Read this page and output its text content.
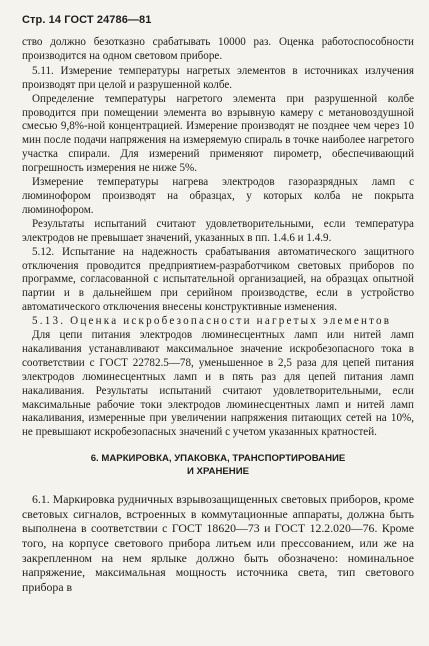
Стр. 14 ГОСТ 24786—81

ство должно безотказно срабатывать 10000 раз. Оценка работоспособности производится на одном световом приборе.

5.11. Измерение температуры нагретых элементов в источниках излучения производят при целой и разрушенной колбе.

Определение температуры нагретого элемента при разрушенной колбе проводится при помещении элемента во взрывную камеру с метановоздушной смесью 9,8%-ной концентрацией. Измерение производят не позднее чем через 10 мин после подачи напряжения на измеряемую спираль в точке наиболее нагретого участка спирали. Для измерений применяют пирометр, обеспечивающий погрешность измерения не ниже 5%.

Измерение температуры нагрева электродов газоразрядных ламп с люминофором производят на образцах, у которых колба не покрыта люминофором.

Результаты испытаний считают удовлетворительными, если температура электродов не превышает значений, указанных в пп. 1.4.6 и 1.4.9.

5.12. Испытание на надежность срабатывания автоматического защитного отключения проводится предприятием-разработчиком световых приборов по программе, согласованной с испытательной организацией, на образцах опытной партии и в дальнейшем при серийном производстве, если в устройство автоматического отключения внесены конструктивные изменения.

5.13. Оценка искробезопасности нагретых элементов

Для цепи питания электродов люминесцентных ламп или нитей ламп накаливания устанавливают максимальное значение искробезопасного тока в соответствии с ГОСТ 22782.5—78, уменьшенное в 2,5 раза для цепей питания электродов люминесцентных ламп и в пять раз для цепей питания ламп накаливания. Результаты испытаний считают удовлетворительными, если максимальные рабочие токи электродов люминесцентных ламп и нитей ламп накаливания, измеренные при увеличении напряжения питающих сетей на 10%, не превышают искробезопасных значений с учетом указанных кратностей.

6. МАРКИРОВКА, УПАКОВКА, ТРАНСПОРТИРОВАНИЕ
И ХРАНЕНИЕ

6.1. Маркировка рудничных взрывозащищенных световых приборов, кроме световых сигналов, встроенных в коммутационные аппараты, должна быть выполнена в соответствии с ГОСТ 18620—73 и ГОСТ 12.2.020—76. Кроме того, на корпусе светового прибора литьем или прессованием, или же на закрепленном на нем ярлыке должно быть обозначено: номинальное напряжение, максимальная мощность источника света, тип светового прибора в
